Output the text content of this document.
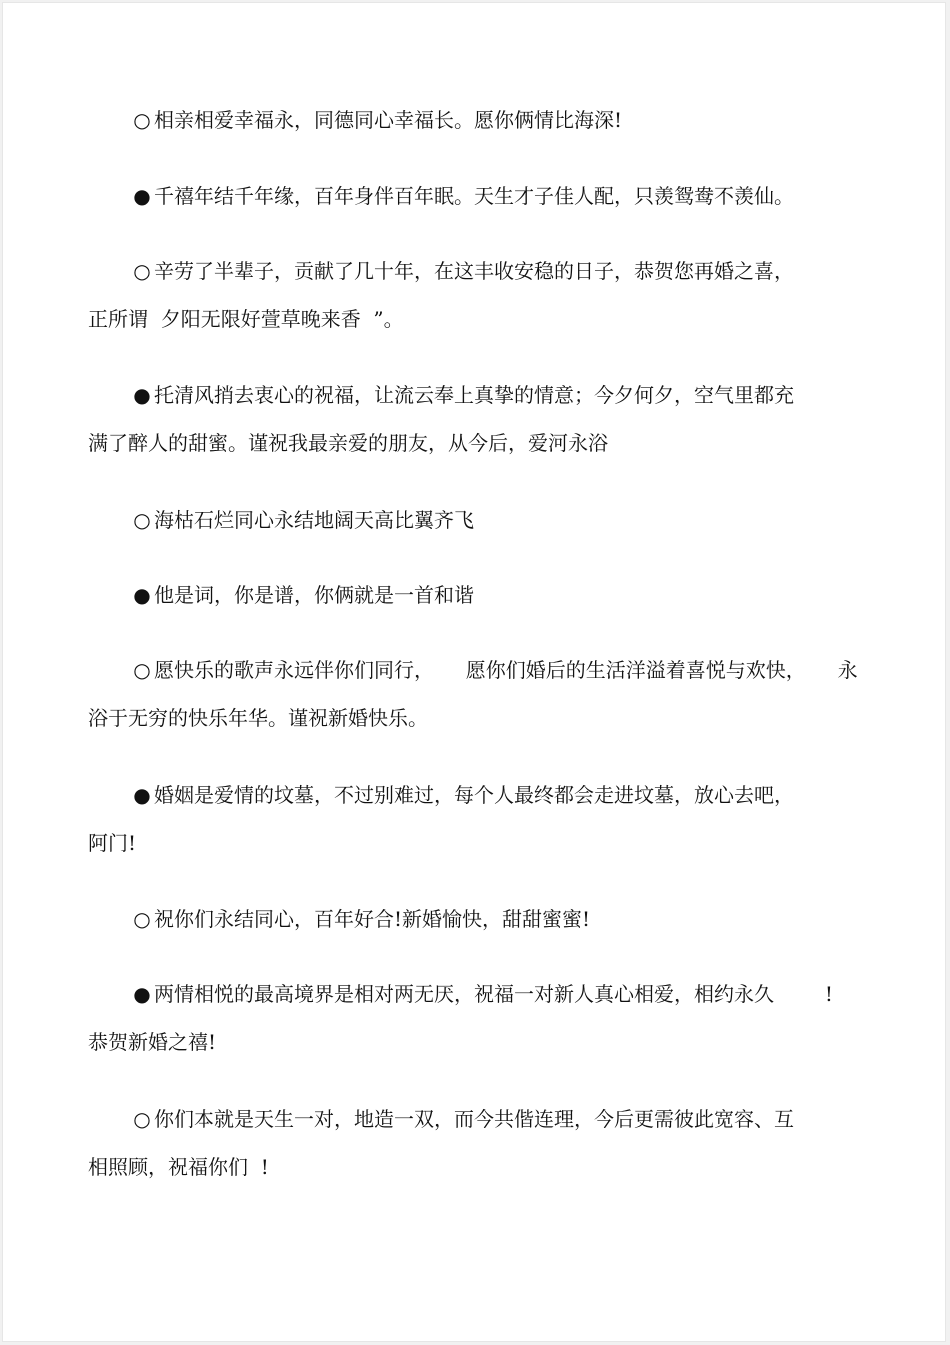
○ 相亲相爱幸福永，同德同心幸福长。愿你俩情比海深!
● 千禧年结千年缘，百年身伴百年眠。天生才子佳人配，只羡鸳鸯不羡仙。
○ 辛劳了半辈子，贡献了几十年，在这丰收安稳的日子，恭贺您再婚之喜，
正所谓  夕阳无限好萱草晚来香  ”。
● 托清风捎去衷心的祝福，让流云奉上真挚的情意；今夕何夕，空气里都充
满了醉人的甜蜜。谨祝我最亲爱的朋友，从今后，爱河永浴
○ 海枯石烂同心永结地阔天高比翼齐飞
● 他是词，你是谱，你俩就是一首和谐
○ 愿快乐的歌声永远伴你们同行，     愿你们婚后的生活洋溢着喜悦与欢快，     永
浴于无穷的快乐年华。谨祝新婚快乐。
● 婚姻是爱情的坟墓，不过别难过，每个人最终都会走进坟墓，放心去吧，
阿门!
○ 祝你们永结同心，百年好合!新婚愉快，甜甜蜜蜜!
● 两情相悦的最高境界是相对两无厌，祝福一对新人真心相爱，相约永久        !
恭贺新婚之禧!
○ 你们本就是天生一对，地造一双，而今共偕连理，今后更需彼此宽容、互
相照顾，祝福你们  !
